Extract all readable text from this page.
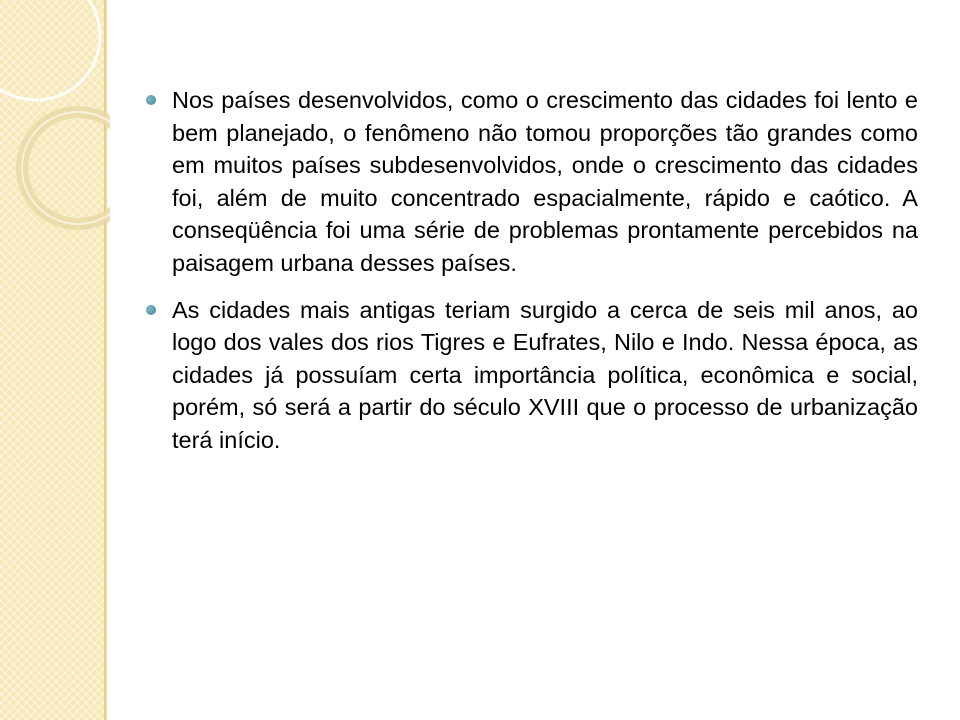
Nos países desenvolvidos, como o crescimento das cidades foi lento e bem planejado, o fenômeno não tomou proporções tão grandes como em muitos países subdesenvolvidos, onde o crescimento das cidades foi, além de muito concentrado espacialmente, rápido e caótico. A conseqüência foi uma série de problemas prontamente percebidos na paisagem urbana desses países.

As cidades mais antigas teriam surgido a cerca de seis mil anos, ao logo dos vales dos rios Tigres e Eufrates, Nilo e Indo. Nessa época, as cidades já possuíam certa importância política, econômica e social, porém, só será a partir do século XVIII que o processo de urbanização terá início.
